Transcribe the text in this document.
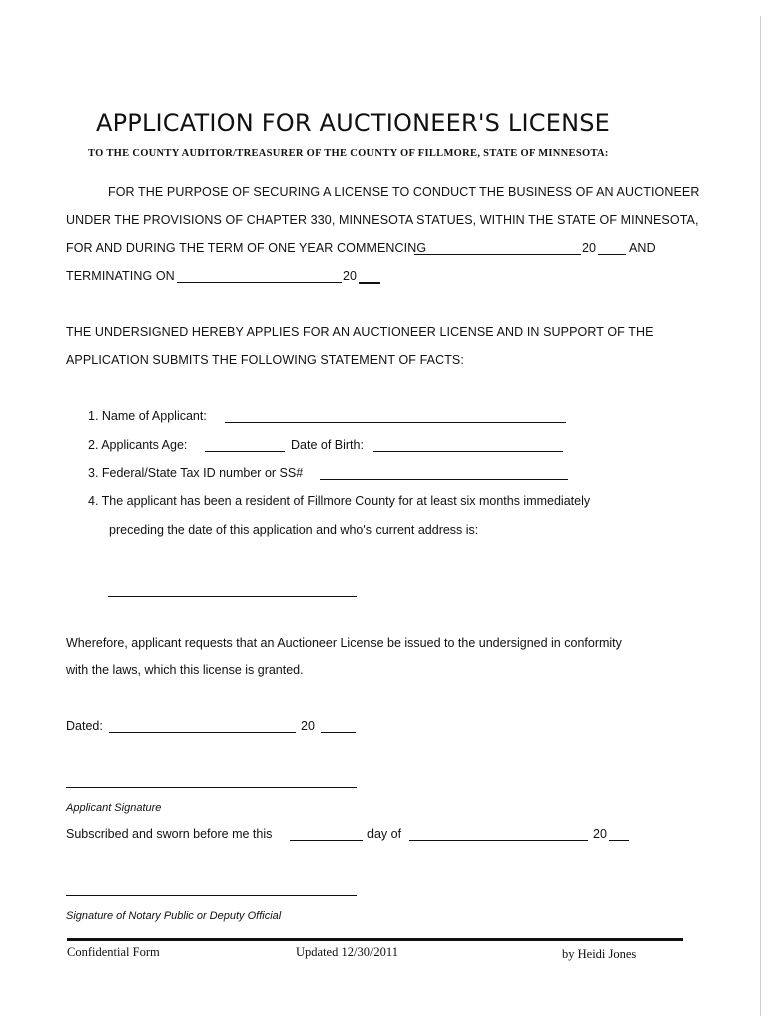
APPLICATION FOR AUCTIONEER'S LICENSE
TO THE COUNTY AUDITOR/TREASURER OF THE COUNTY OF FILLMORE, STATE OF MINNESOTA:
FOR THE PURPOSE OF SECURING A LICENSE TO CONDUCT THE BUSINESS OF AN AUCTIONEER
UNDER THE PROVISIONS OF CHAPTER 330, MINNESOTA STATUES, WITHIN THE STATE OF MINNESOTA,
FOR AND DURING THE TERM OF ONE YEAR COMMENCING	20	AND
TERMINATING ON	20
THE UNDERSIGNED HEREBY APPLIES FOR AN AUCTIONEER LICENSE AND IN SUPPORT OF THE
APPLICATION SUBMITS THE FOLLOWING STATEMENT OF FACTS:
1. Name of Applicant:
2. Applicants Age:	Date of Birth:
3. Federal/State Tax ID number or SS#
4. The applicant has been a resident of Fillmore County for at least six months immediately
preceding the date of this application and who's current address is:
Wherefore, applicant requests that an Auctioneer License be issued to the undersigned in conformity
with the laws, which this license is granted.
Dated:	20
Applicant Signature
Subscribed and sworn before me this	day of	20
Signature of Notary Public or Deputy Official
Confidential Form	Updated 12/30/2011	by Heidi Jones
